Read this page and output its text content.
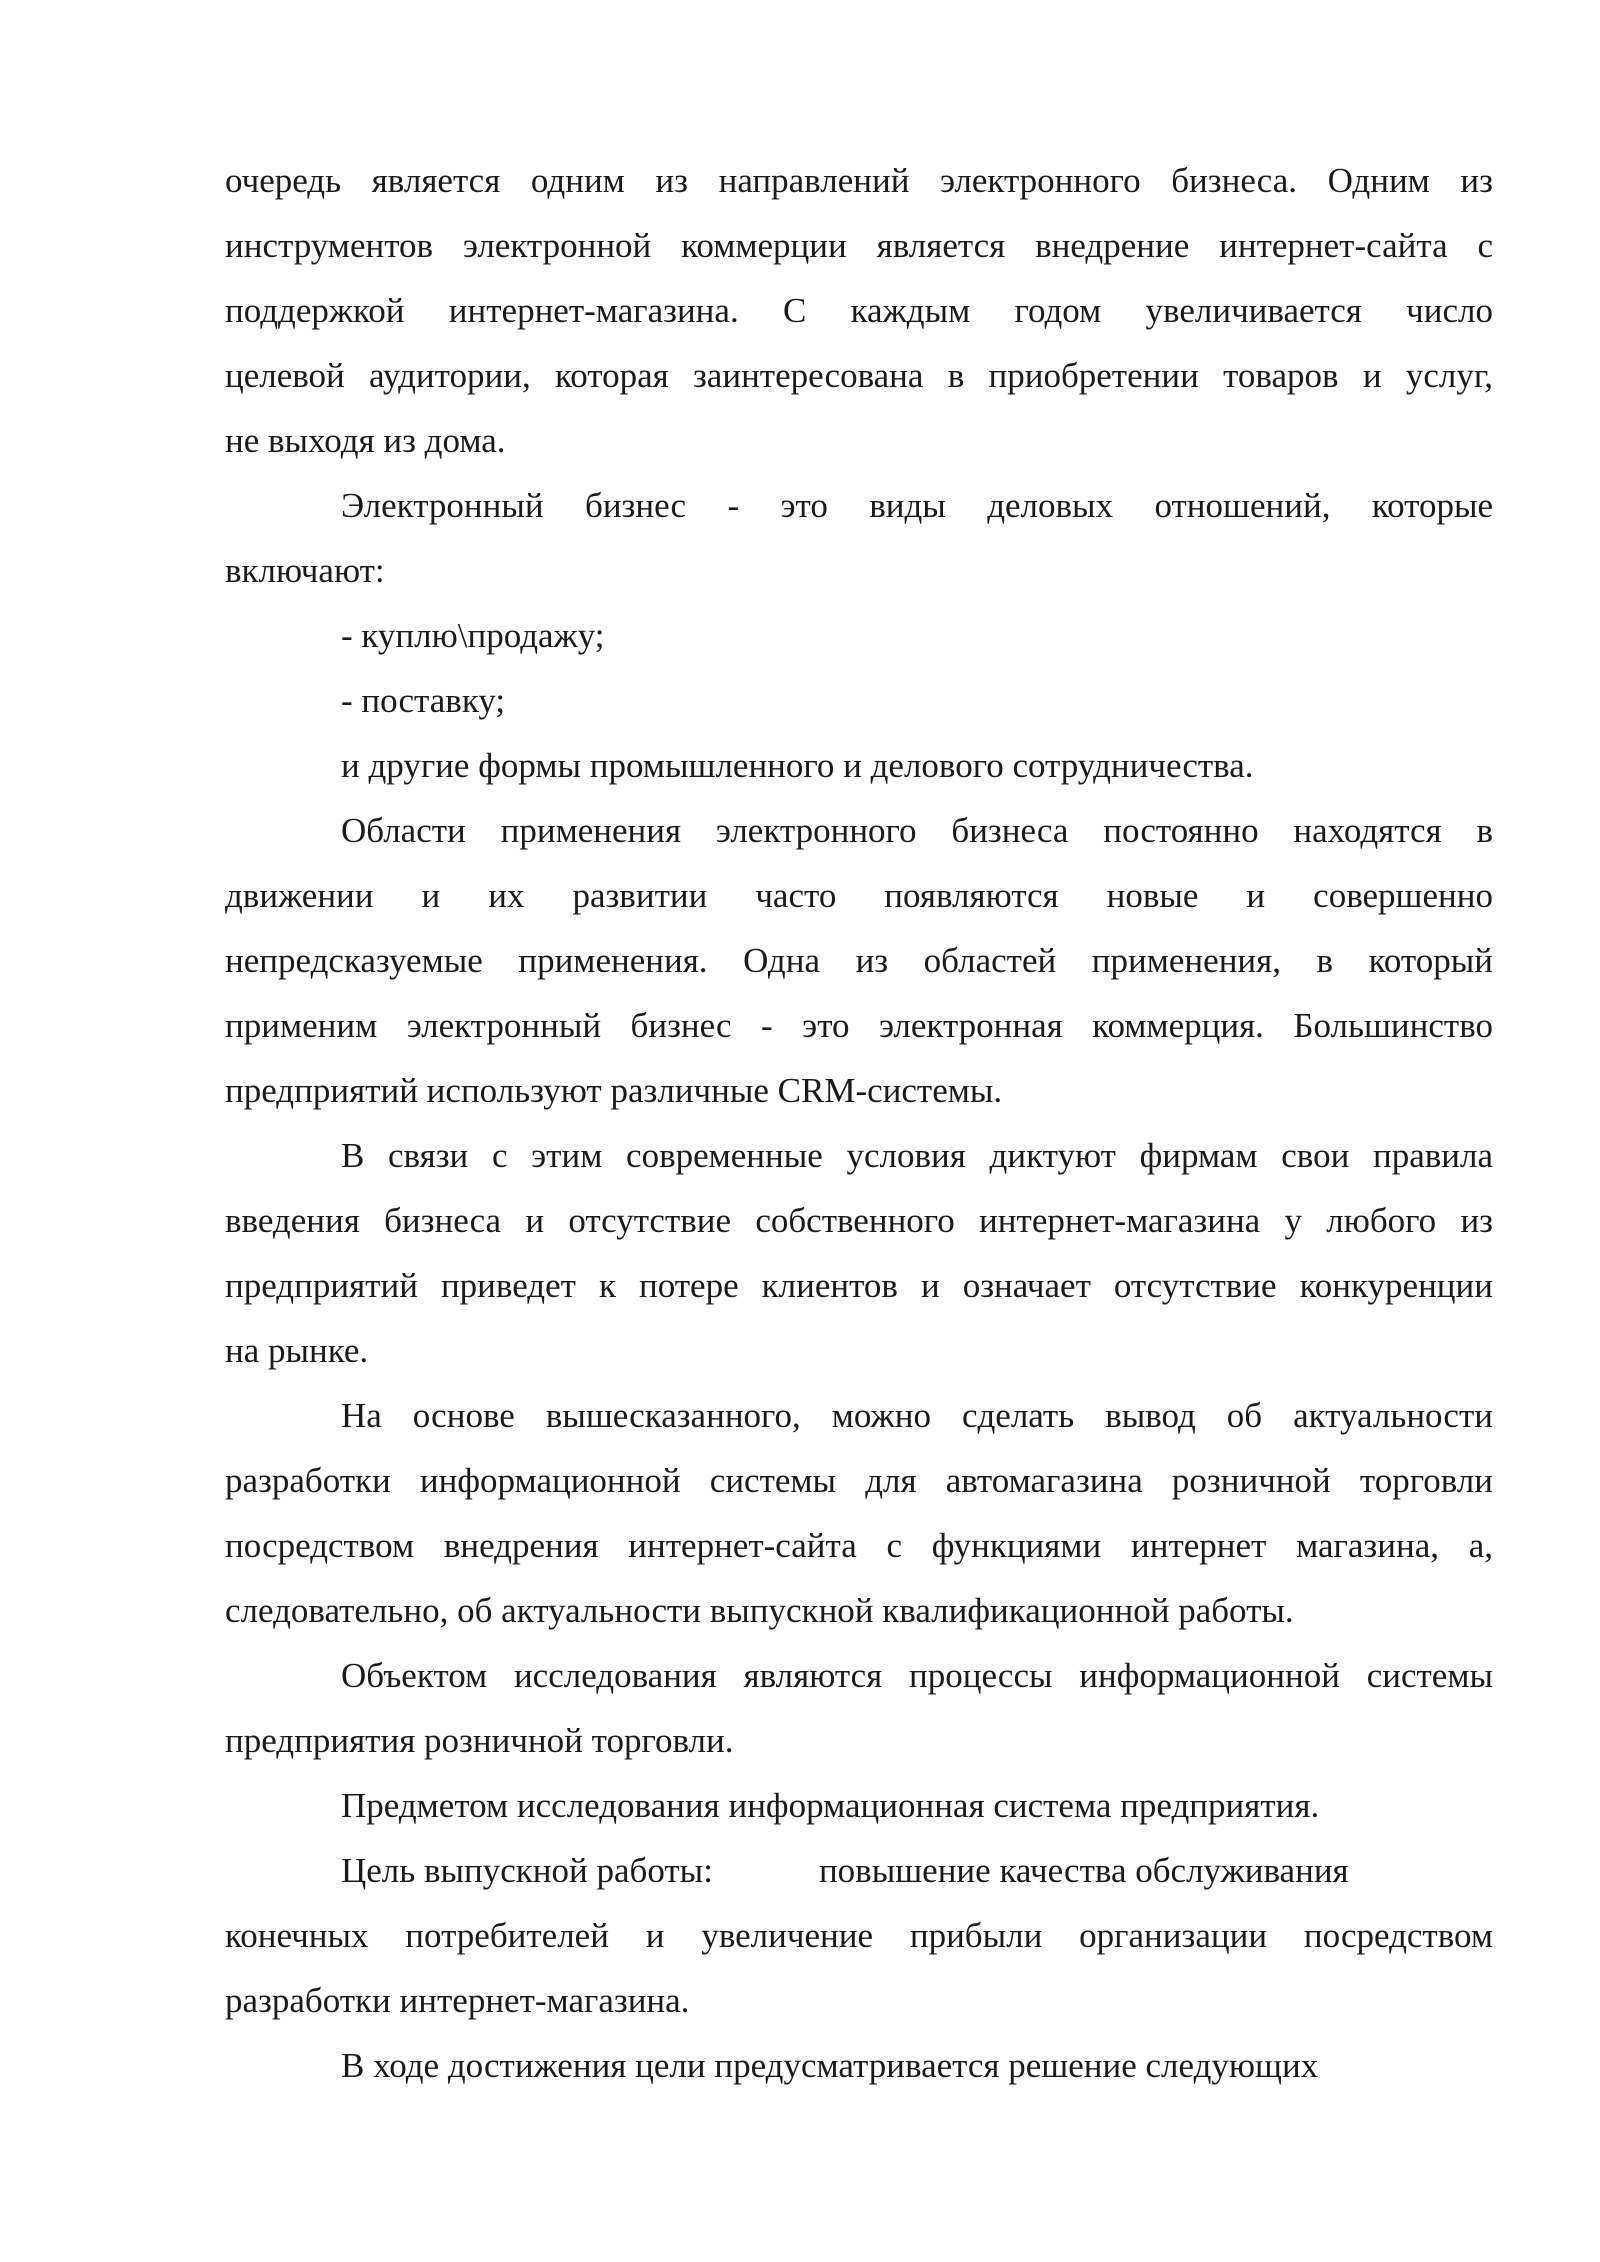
очередь является одним из направлений электронного бизнеса. Одним из
инструментов электронной коммерции является внедрение интернет-сайта с
поддержкой интернет-магазина. С каждым годом увеличивается число
целевой аудитории, которая заинтересована в приобретении товаров и услуг,
не выходя из дома.
Электронный бизнес - это виды деловых отношений, которые
включают:
- куплю\продажу;
- поставку;
и другие формы промышленного и делового сотрудничества.
Области применения электронного бизнеса постоянно находятся в
движении и их развитии часто появляются новые и совершенно
непредсказуемые применения. Одна из областей применения, в который
применим электронный бизнес - это электронная коммерция. Большинство
предприятий используют различные CRM-системы.
В связи с этим современные условия диктуют фирмам свои правила
введения бизнеса и отсутствие собственного интернет-магазина у любого из
предприятий приведет к потере клиентов и означает отсутствие конкуренции
на рынке.
На основе вышесказанного, можно сделать вывод об актуальности
разработки информационной системы для автомагазина розничной торговли
посредством внедрения интернет-сайта с функциями интернет магазина, а,
следовательно, об актуальности выпускной квалификационной работы.
Объектом исследования являются процессы информационной системы
предприятия розничной торговли.
Предметом исследования информационная система предприятия.
Цель выпускной работы:	повышение качества обслуживания
конечных потребителей и увеличение прибыли организации посредством
разработки интернет-магазина.
В ходе достижения цели предусматривается решение следующих
